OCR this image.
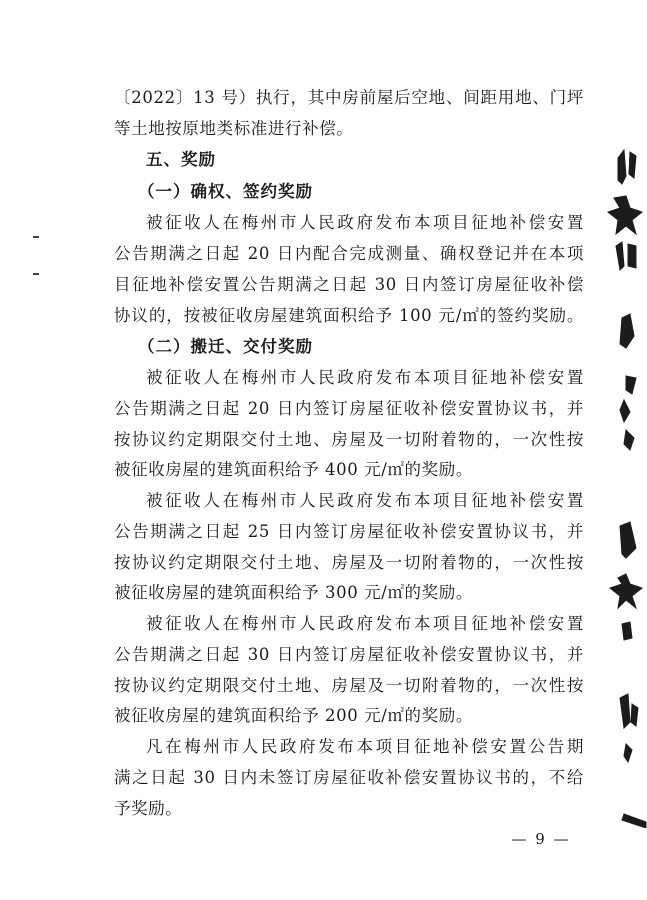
〔2022〕13 号）执行，其中房前屋后空地、间距用地、门坪
等土地按原地类标准进行补偿。
五、奖励
（一）确权、签约奖励
被征收人在梅州市人民政府发布本项目征地补偿安置
公告期满之日起 20 日内配合完成测量、确权登记并在本项
目征地补偿安置公告期满之日起 30 日内签订房屋征收补偿
协议的，按被征收房屋建筑面积给予 100 元/㎡的签约奖励。
（二）搬迁、交付奖励
被征收人在梅州市人民政府发布本项目征地补偿安置
公告期满之日起 20 日内签订房屋征收补偿安置协议书，并
按协议约定期限交付土地、房屋及一切附着物的，一次性按
被征收房屋的建筑面积给予 400 元/㎡的奖励。
被征收人在梅州市人民政府发布本项目征地补偿安置
公告期满之日起 25 日内签订房屋征收补偿安置协议书，并
按协议约定期限交付土地、房屋及一切附着物的，一次性按
被征收房屋的建筑面积给予 300 元/㎡的奖励。
被征收人在梅州市人民政府发布本项目征地补偿安置
公告期满之日起 30 日内签订房屋征收补偿安置协议书，并
按协议约定期限交付土地、房屋及一切附着物的，一次性按
被征收房屋的建筑面积给予 200 元/㎡的奖励。
凡在梅州市人民政府发布本项目征地补偿安置公告期
满之日起 30 日内未签订房屋征收补偿安置协议书的，不给
予奖励。
— 9 —
